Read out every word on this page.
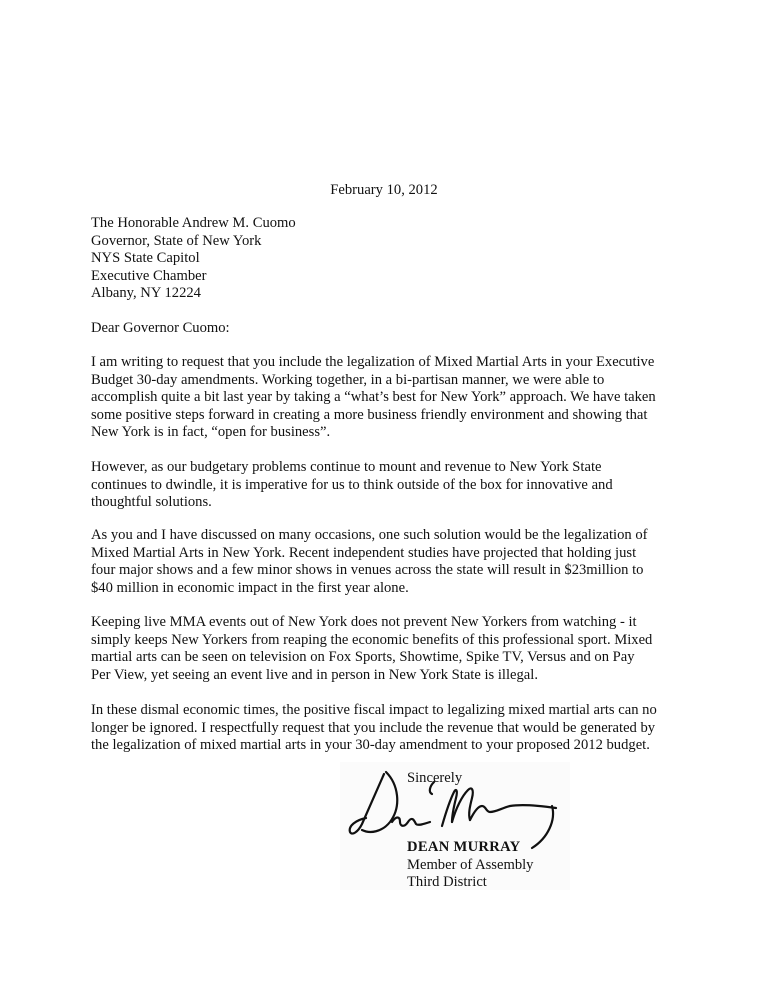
February 10, 2012
The Honorable Andrew M. Cuomo
Governor, State of New York
NYS State Capitol
Executive Chamber
Albany, NY 12224
Dear Governor Cuomo:
I am writing to request that you include the legalization of Mixed Martial Arts in your Executive
Budget 30-day amendments. Working together, in a bi-partisan manner, we were able to
accomplish quite a bit last year by taking a “what’s best for New York” approach. We have taken
some positive steps forward in creating a more business friendly environment and showing that
New York is in fact, “open for business”.
However, as our budgetary problems continue to mount and revenue to New York State
continues to dwindle, it is imperative for us to think outside of the box for innovative and
thoughtful solutions.
As you and I have discussed on many occasions, one such solution would be the legalization of
Mixed Martial Arts in New York. Recent independent studies have projected that holding just
four major shows and a few minor shows in venues across the state will result in $23million to
$40 million in economic impact in the first year alone.
Keeping live MMA events out of New York does not prevent New Yorkers from watching - it
simply keeps New Yorkers from reaping the economic benefits of this professional sport. Mixed
martial arts can be seen on television on Fox Sports, Showtime, Spike TV, Versus and on Pay
Per View, yet seeing an event live and in person in New York State is illegal.
In these dismal economic times, the positive fiscal impact to legalizing mixed martial arts can no
longer be ignored. I respectfully request that you include the revenue that would be generated by
the legalization of mixed martial arts in your 30-day amendment to your proposed 2012 budget.
Sincerely
DEAN MURRAY
Member of Assembly
Third District
